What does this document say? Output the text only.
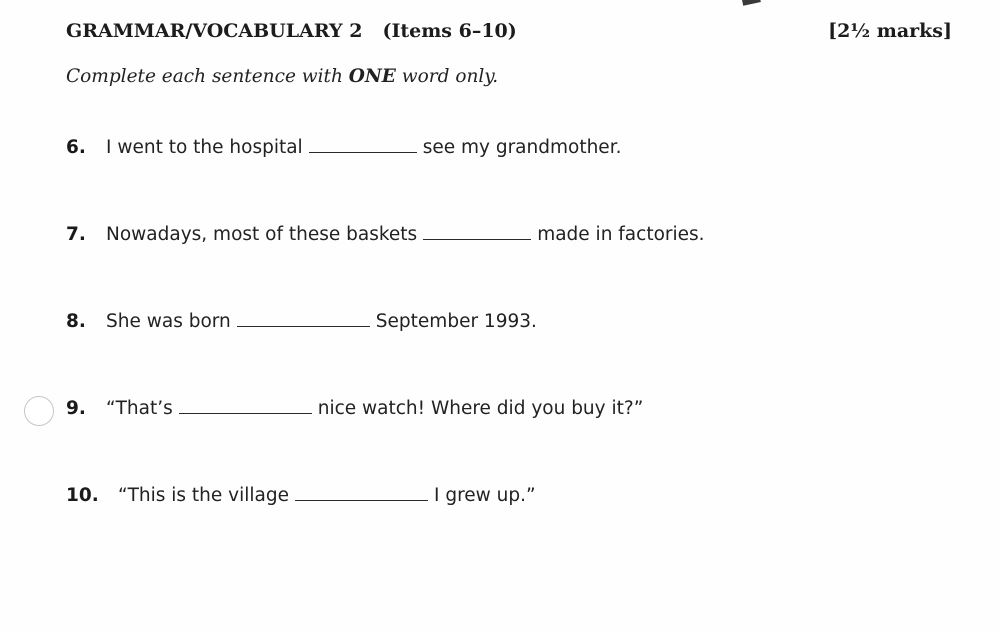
GRAMMAR/VOCABULARY 2 (Items 6–10)	[2½ marks]
Complete each sentence with ONE word only.
6. I went to the hospital	see my grandmother.
7. Nowadays, most of these baskets	made in factories.
8. She was born	September 1993.
9. “That’s	nice watch! Where did you buy it?”
10. “This is the village	I grew up.”
